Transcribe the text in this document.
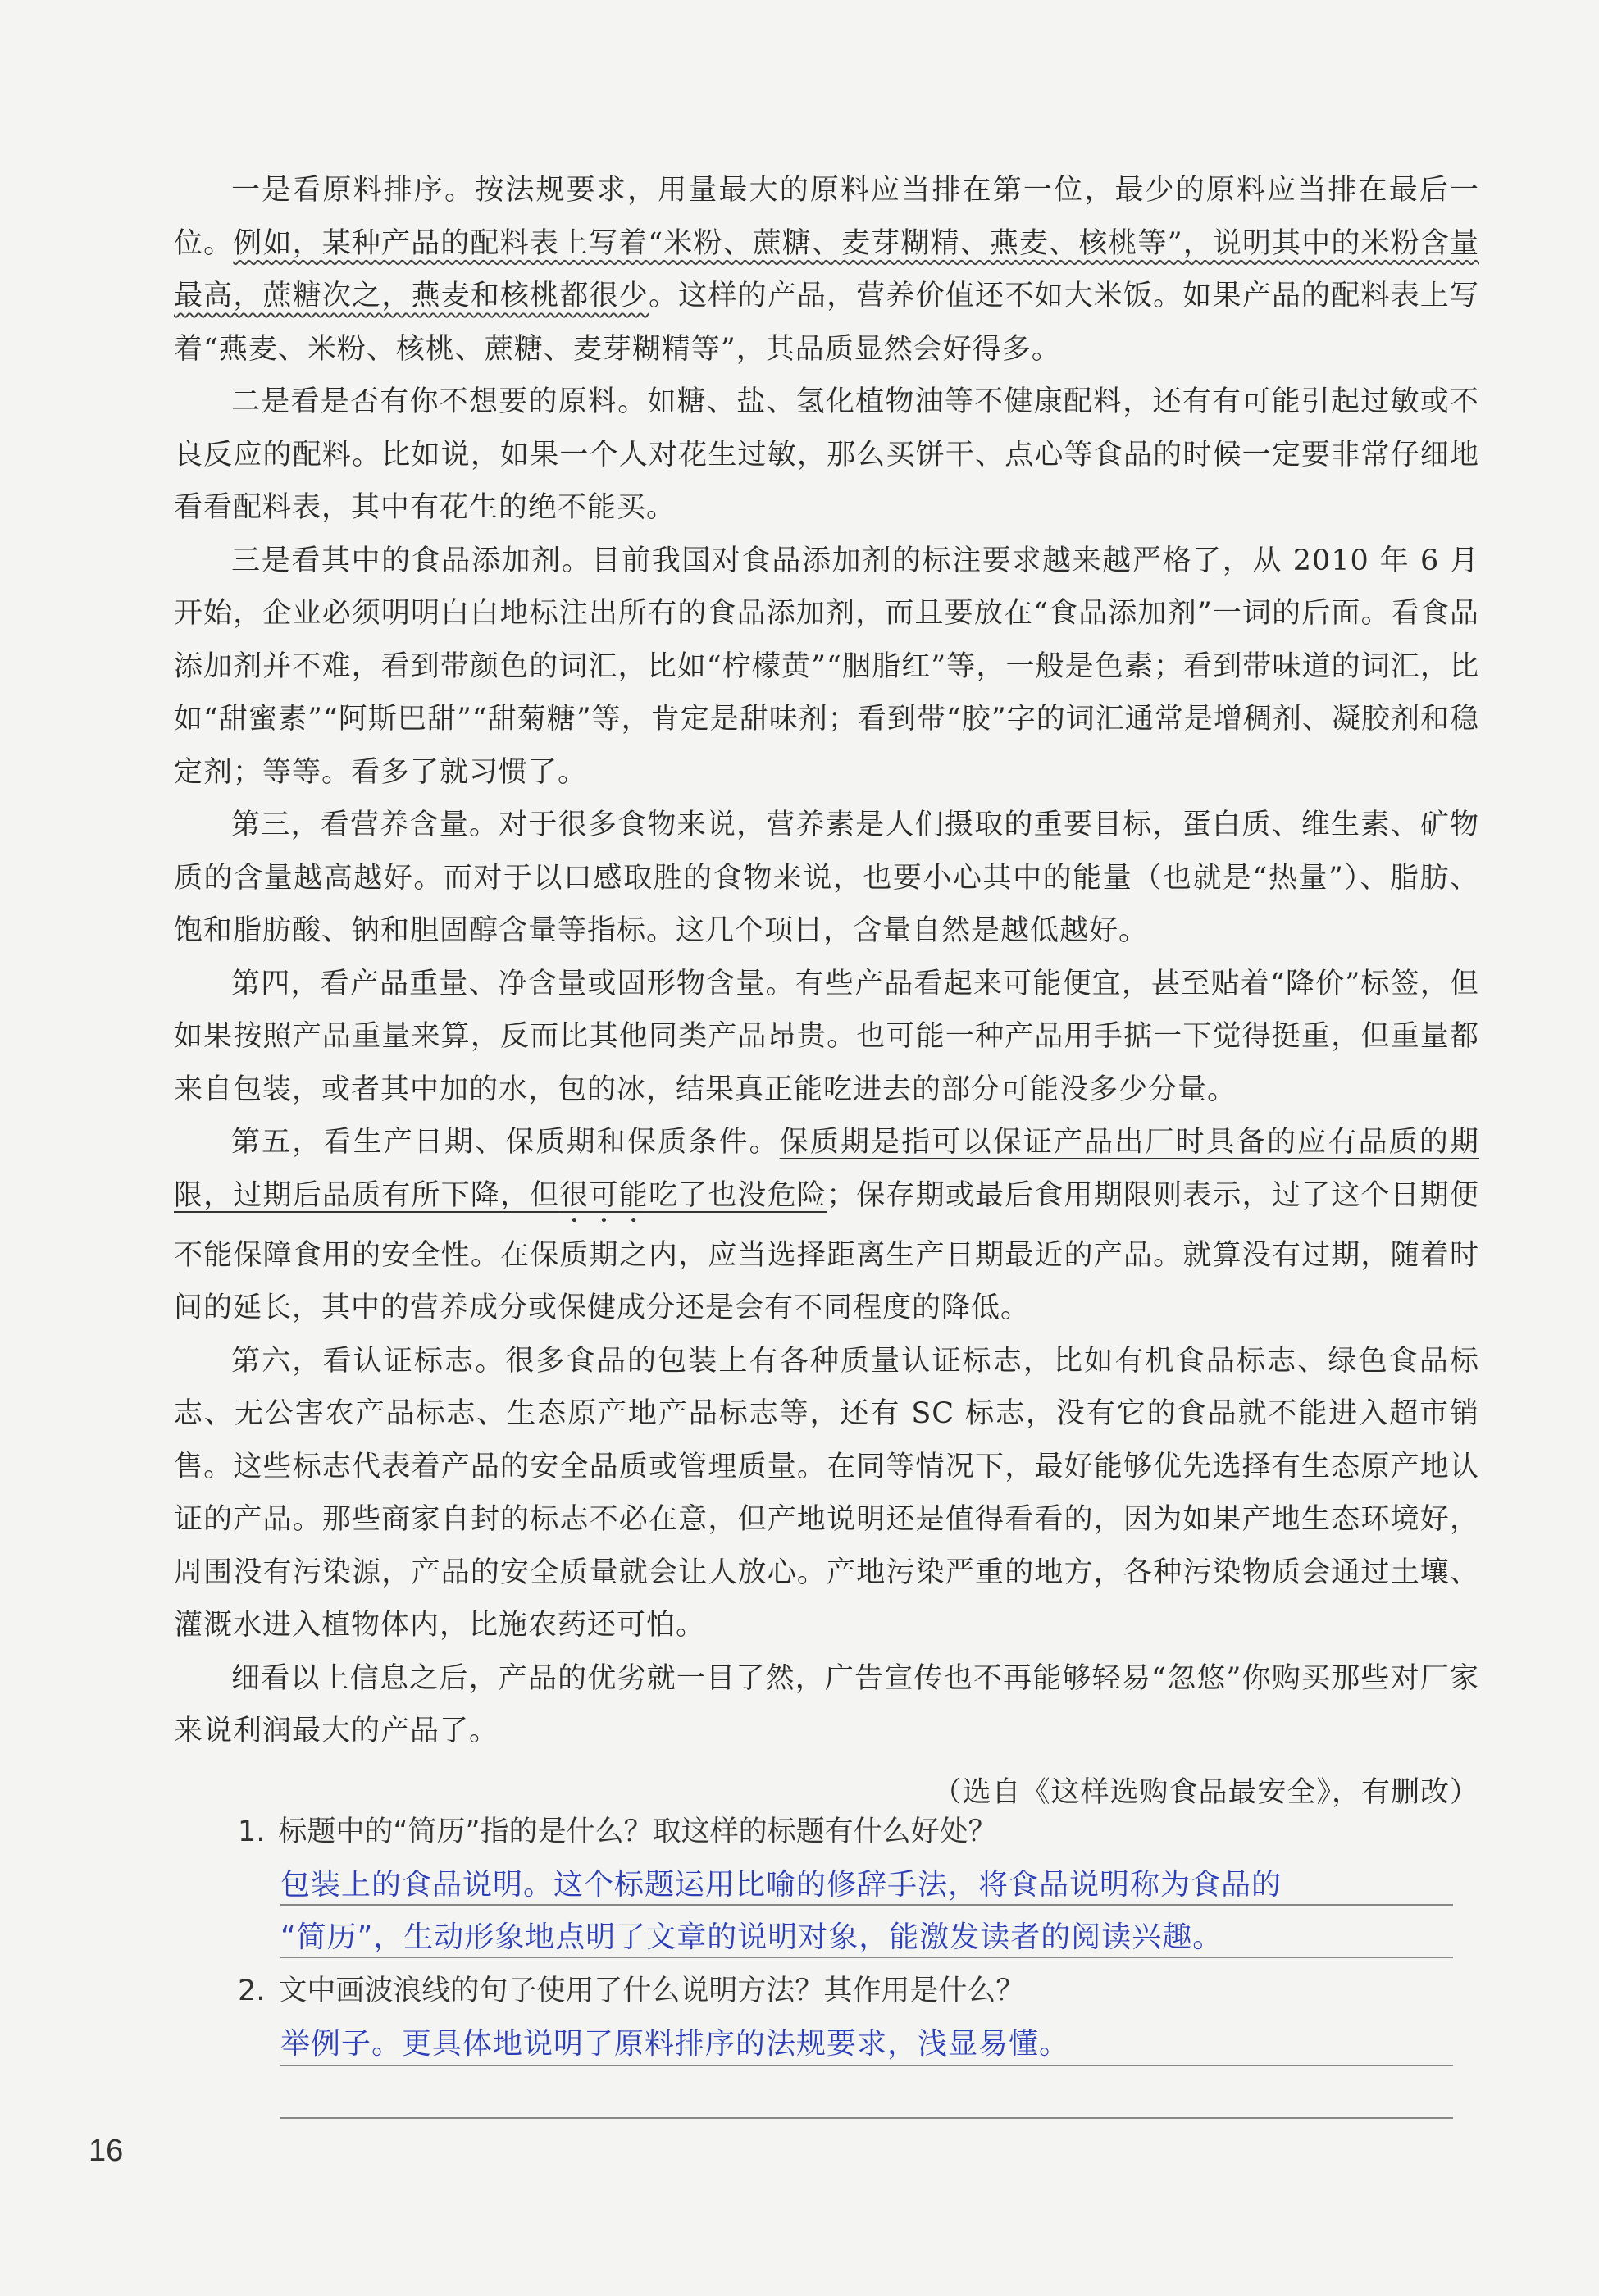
一是看原料排序。按法规要求，用量最大的原料应当排在第一位，最少的原料应当排在最后一位。例如，某种产品的配料表上写着“米粉、蔗糖、麦芽糊精、燕麦、核桃等”，说明其中的米粉含量最高，蔗糖次之，燕麦和核桃都很少。这样的产品，营养价值还不如大米饭。如果产品的配料表上写着“燕麦、米粉、核桃、蔗糖、麦芽糊精等”，其品质显然会好得多。

二是看是否有你不想要的原料。如糖、盐、氢化植物油等不健康配料，还有有可能引起过敏或不良反应的配料。比如说，如果一个人对花生过敏，那么买饼干、点心等食品的时候一定要非常仔细地看看配料表，其中有花生的绝不能买。

三是看其中的食品添加剂。目前我国对食品添加剂的标注要求越来越严格了，从 2010 年 6 月开始，企业必须明明白白地标注出所有的食品添加剂，而且要放在“食品添加剂”一词的后面。看食品添加剂并不难，看到带颜色的词汇，比如“柠檬黄”“胭脂红”等，一般是色素；看到带味道的词汇，比如“甜蜜素”“阿斯巴甜”“甜菊糖”等，肯定是甜味剂；看到带“胶”字的词汇通常是增稠剂、凝胶剂和稳定剂；等等。看多了就习惯了。

第三，看营养含量。对于很多食物来说，营养素是人们摄取的重要目标，蛋白质、维生素、矿物质的含量越高越好。而对于以口感取胜的食物来说，也要小心其中的能量（也就是“热量”）、脂肪、饱和脂肪酸、钠和胆固醇含量等指标。这几个项目，含量自然是越低越好。

第四，看产品重量、净含量或固形物含量。有些产品看起来可能便宜，甚至贴着“降价”标签，但如果按照产品重量来算，反而比其他同类产品昂贵。也可能一种产品用手掂一下觉得挺重，但重量都来自包装，或者其中加的水，包的冰，结果真正能吃进去的部分可能没多少分量。

第五，看生产日期、保质期和保质条件。保质期是指可以保证产品出厂时具备的应有品质的期限，过期后品质有所下降，但很可能吃了也没危险；保存期或最后食用期限则表示，过了这个日期便不能保障食用的安全性。在保质期之内，应当选择距离生产日期最近的产品。就算没有过期，随着时间的延长，其中的营养成分或保健成分还是会有不同程度的降低。

第六，看认证标志。很多食品的包装上有各种质量认证标志，比如有机食品标志、绿色食品标志、无公害农产品标志、生态原产地产品标志等，还有 SC 标志，没有它的食品就不能进入超市销售。这些标志代表着产品的安全品质或管理质量。在同等情况下，最好能够优先选择有生态原产地认证的产品。那些商家自封的标志不必在意，但产地说明还是值得看看的，因为如果产地生态环境好，周围没有污染源，产品的安全质量就会让人放心。产地污染严重的地方，各种污染物质会通过土壤、灌溉水进入植物体内，比施农药还可怕。

细看以上信息之后，产品的优劣就一目了然，广告宣传也不再能够轻易“忽悠”你购买那些对厂家来说利润最大的产品了。

（选自《这样选购食品最安全》，有删改）
1. 标题中的“简历”指的是什么？取这样的标题有什么好处？
包装上的食品说明。这个标题运用比喻的修辞手法，将食品说明称为食品的
“简历”，生动形象地点明了文章的说明对象，能激发读者的阅读兴趣。
2. 文中画波浪线的句子使用了什么说明方法？其作用是什么？
举例子。更具体地说明了原料排序的法规要求，浅显易懂。
16
